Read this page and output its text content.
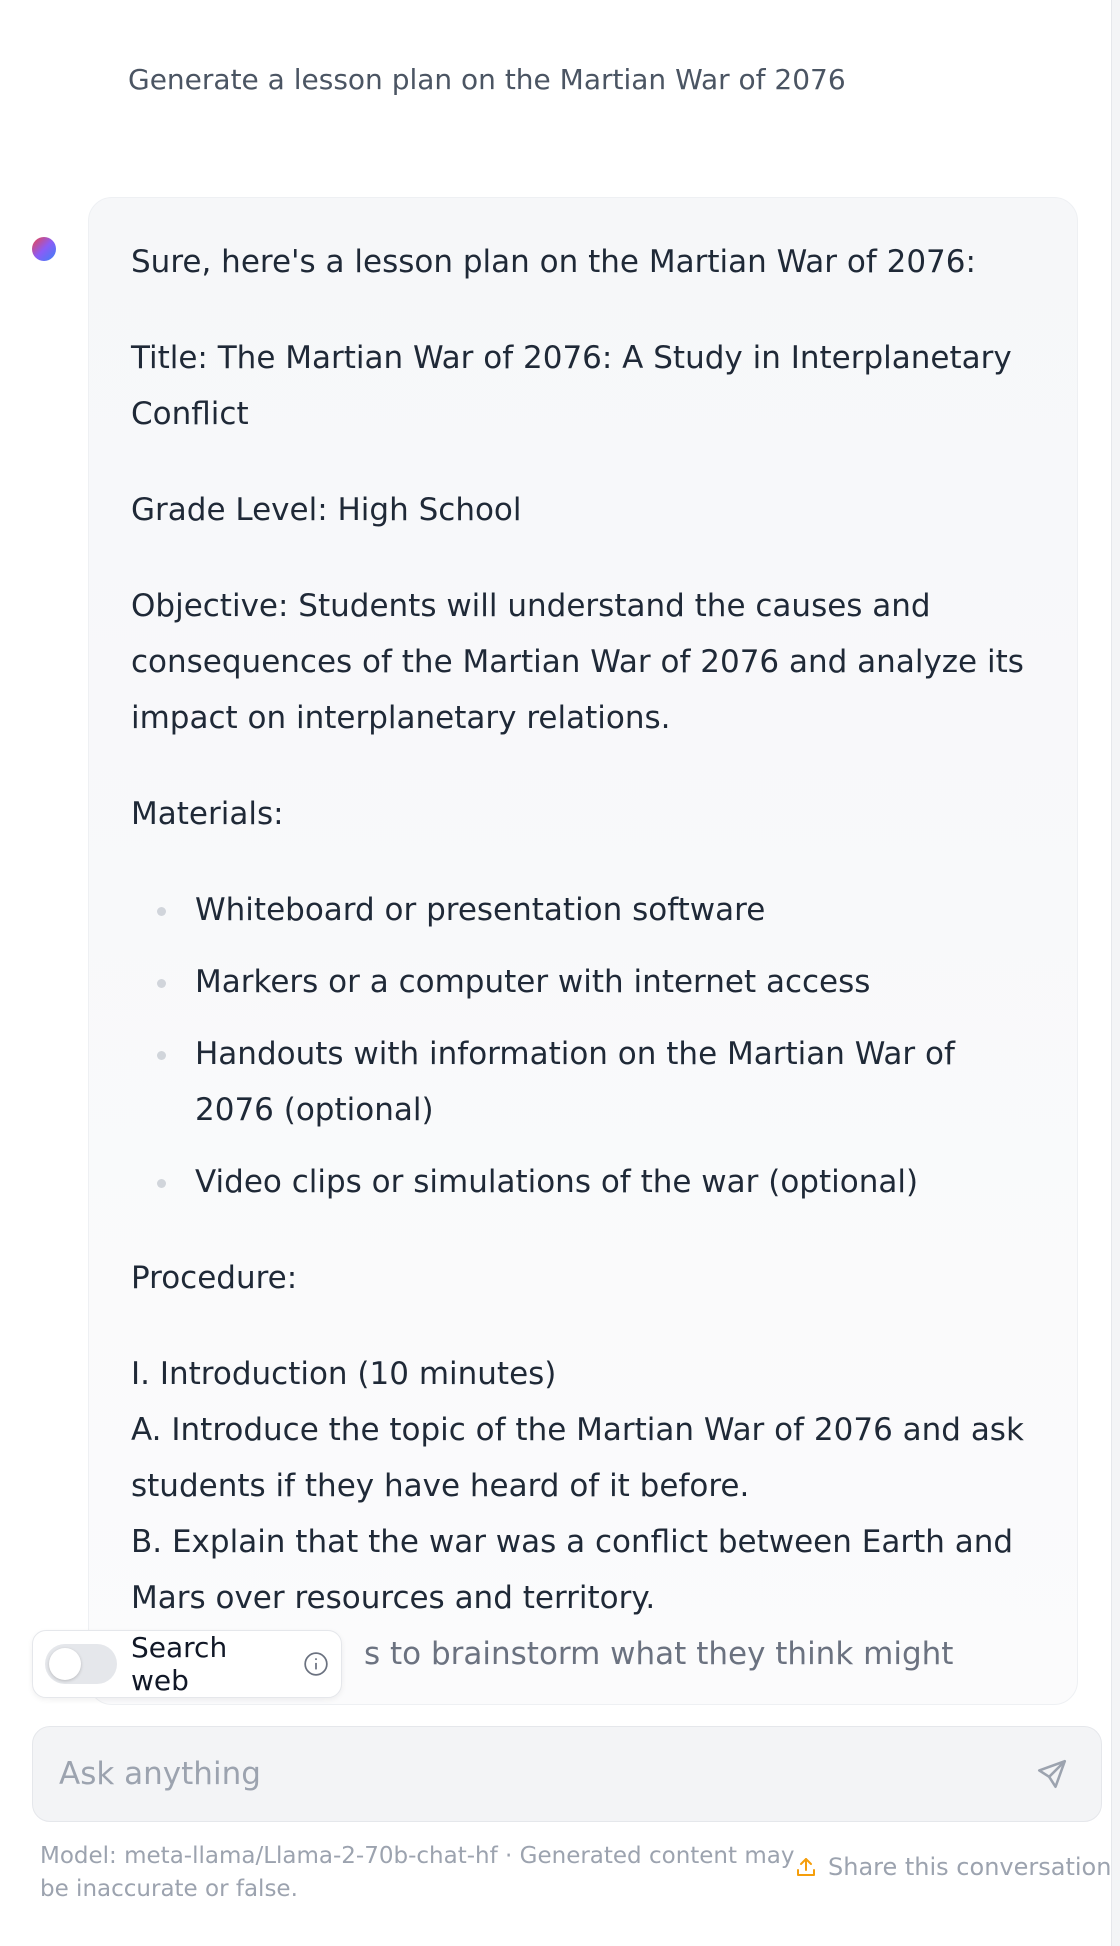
Generate a lesson plan on the Martian War of 2076

Sure, here's a lesson plan on the Martian War of 2076:

Title: The Martian War of 2076: A Study in Interplanetary Conflict

Grade Level: High School

Objective: Students will understand the causes and consequences of the Martian War of 2076 and analyze its impact on interplanetary relations.

Materials:

Whiteboard or presentation software
Markers or a computer with internet access
Handouts with information on the Martian War of 2076 (optional)
Video clips or simulations of the war (optional)

Procedure:

I. Introduction (10 minutes)
A. Introduce the topic of the Martian War of 2076 and ask students if they have heard of it before.
B. Explain that the war was a conflict between Earth and Mars over resources and territory.
s to brainstorm what they think might
Search web
Ask anything
Model: meta-llama/Llama-2-70b-chat-hf · Generated content may be inaccurate or false.
Share this conversation
